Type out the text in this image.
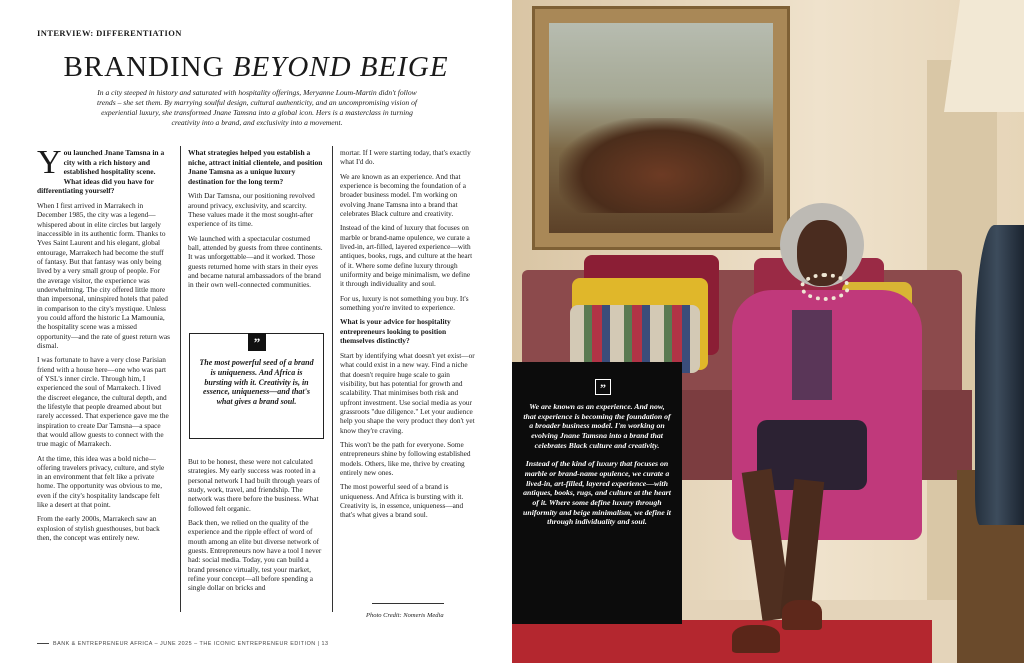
INTERVIEW: DIFFERENTIATION
BRANDING BEYOND BEIGE
In a city steeped in history and saturated with hospitality offerings, Meryanne Loum-Martin didn't follow trends – she set them. By marrying soulful design, cultural authenticity, and an uncompromising vision of experiential luxury, she transformed Jnane Tamsna into a global icon. Hers is a masterclass in turning creativity into a brand, and exclusivity into a movement.
You launched Jnane Tamsna in a city with a rich history and established hospitality scene. What ideas did you have for differentiating yourself?

When I first arrived in Marrakech in December 1985, the city was a legend—whispered about in elite circles but largely inaccessible in its authentic form. Thanks to Yves Saint Laurent and his elegant, global entourage, Marrakech had become the stuff of fantasy. But that fantasy was only being lived by a very small group of people. For the average visitor, the experience was underwhelming. The city offered little more than impersonal, uninspired hotels that paled in comparison to the city's mystique. Unless you could afford the historic La Mamounia, the hospitality scene was a missed opportunity—and the rate of guest return was dismal.

I was fortunate to have a very close Parisian friend with a house here—one who was part of YSL's inner circle. Through him, I experienced the soul of Marrakech. I lived the discreet elegance, the cultural depth, and the lifestyle that people dreamed about but rarely accessed. That experience gave me the inspiration to create Dar Tamsna—a space that would allow guests to connect with the true magic of Marrakech.

At the time, this idea was a bold niche—offering travelers privacy, culture, and style in an environment that felt like a private home. The opportunity was obvious to me, even if the city's hospitality landscape felt like a desert at that point.

From the early 2000s, Marrakech saw an explosion of stylish guesthouses, but back then, the concept was entirely new.

What strategies helped you establish a niche, attract initial clientele, and position Jnane Tamsna as a unique luxury destination for the long term?

With Dar Tamsna, our positioning revolved around privacy, exclusivity, and scarcity. These values made it the most sought-after experience of its time.

We launched with a spectacular costumed ball, attended by guests from three continents. It was unforgettable—and it worked. Those guests returned home with stars in their eyes and became natural ambassadors of the brand in their own well-connected communities.

”
The most powerful seed of a brand is uniqueness. And Africa is bursting with it. Creativity is, in essence, uniqueness—and that's what gives a brand soul.

But to be honest, these were not calculated strategies. My early success was rooted in a personal network I had built through years of study, work, travel, and friendship. The network was there before the business. What followed felt organic.

Back then, we relied on the quality of the experience and the ripple effect of word of mouth among an elite but diverse network of guests. Entrepreneurs now have a tool I never had: social media. Today, you can build a brand presence virtually, test your market, refine your concept—all before spending a single dollar on bricks and

mortar. If I were starting today, that's exactly what I'd do.

We are known as an experience. And that experience is becoming the foundation of a broader business model. I'm working on evolving Jnane Tamsna into a brand that celebrates Black culture and creativity.

Instead of the kind of luxury that focuses on marble or brand-name opulence, we curate a lived-in, art-filled, layered experience—with antiques, books, rugs, and culture at the heart of it. Where some define luxury through uniformity and beige minimalism, we define it through individuality and soul.

For us, luxury is not something you buy. It's something you're invited to experience.

What is your advice for hospitality entrepreneurs looking to position themselves distinctly?

Start by identifying what doesn't yet exist—or what could exist in a new way. Find a niche that doesn't require huge scale to gain visibility, but has potential for growth and scalability. That minimises both risk and upfront investment. Use social media as your grassroots "due diligence." Let your audience help you shape the very product they don't yet know they're craving.

This won't be the path for everyone. Some entrepreneurs shine by following established models. Others, like me, thrive by creating entirely new ones.

The most powerful seed of a brand is uniqueness. And Africa is bursting with it. Creativity is, in essence, uniqueness—and that's what gives a brand soul.

Photo Credit: Nomeris Media
BANK & ENTREPRENEUR AFRICA – JUNE 2025 – THE ICONIC ENTREPRENEUR EDITION | 13
”

We are known as an experience. And now, that experience is becoming the foundation of a broader business model. I'm working on evolving Jnane Tamsna into a brand that celebrates Black culture and creativity.

Instead of the kind of luxury that focuses on marble or brand-name opulence, we curate a lived-in, art-filled, layered experience—with antiques, books, rugs, and culture at the heart of it. Where some define luxury through uniformity and beige minimalism, we define it through individuality and soul.
